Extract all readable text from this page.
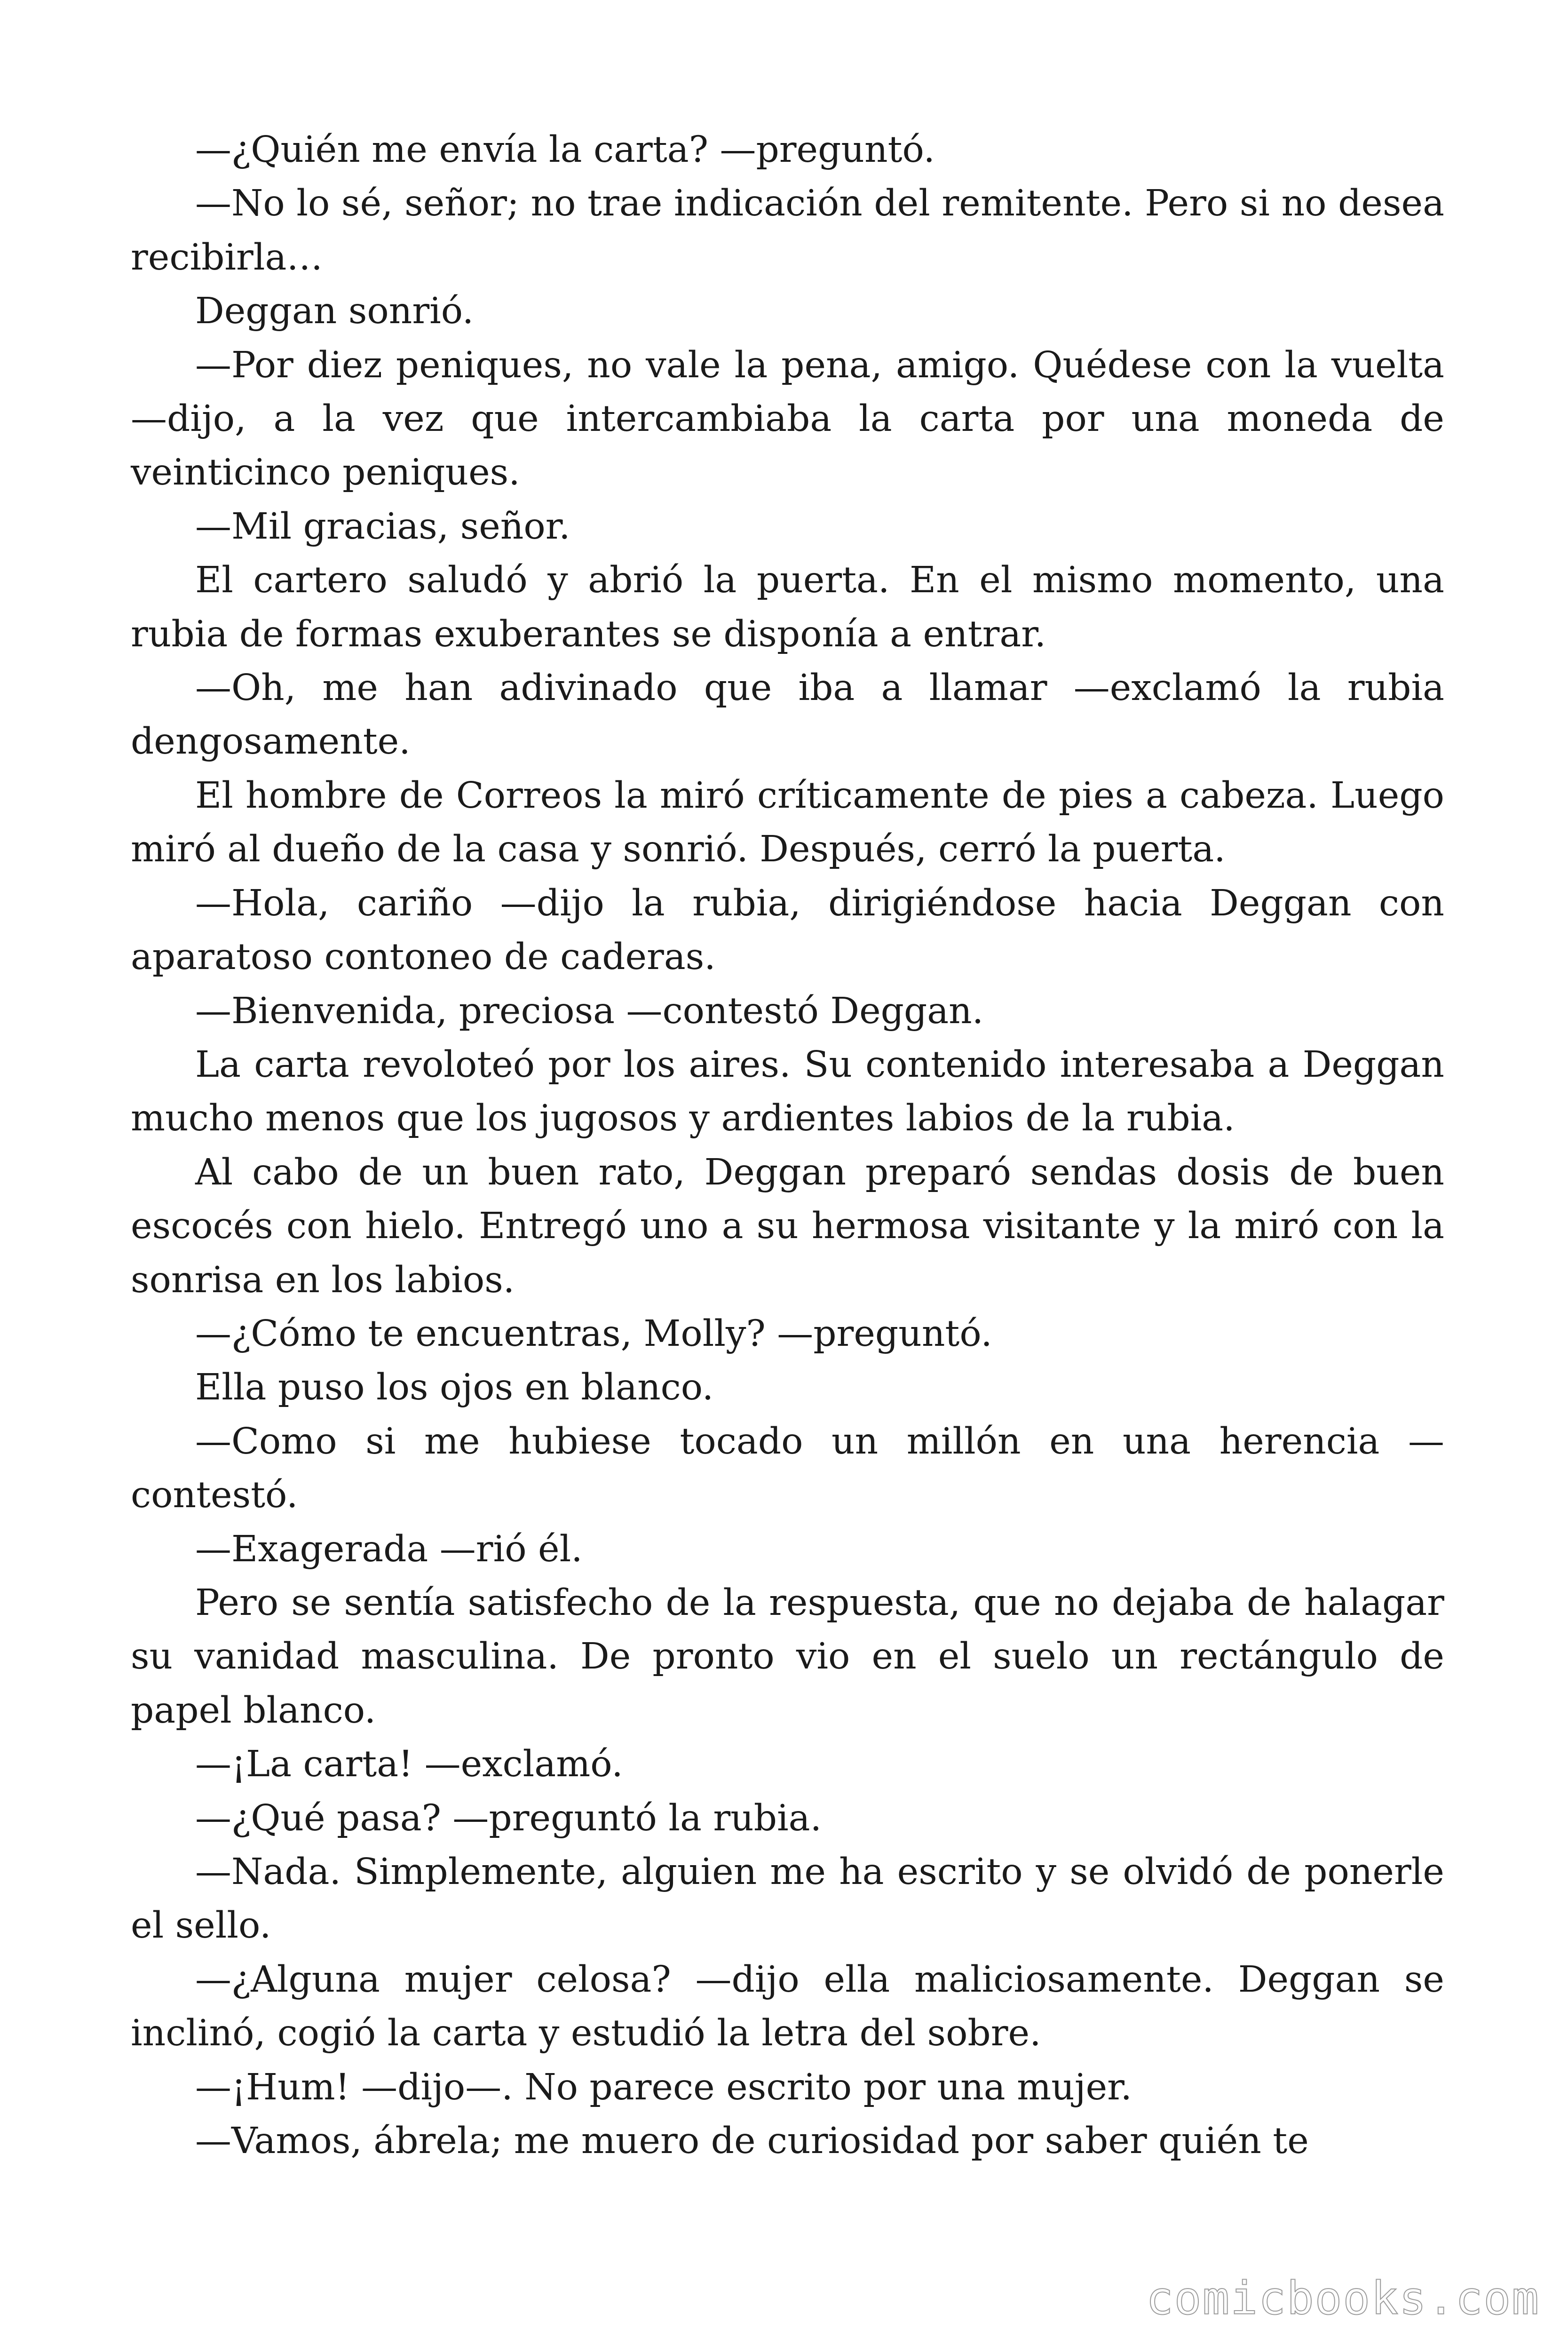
—¿Quién me envía la carta? —preguntó.

—No lo sé, señor; no trae indicación del remitente. Pero si no desea recibirla…

Deggan sonrió.

—Por diez peniques, no vale la pena, amigo. Quédese con la vuelta —dijo, a la vez que intercambiaba la carta por una moneda de veinticinco peniques.

—Mil gracias, señor.

El cartero saludó y abrió la puerta. En el mismo momento, una rubia de formas exuberantes se disponía a entrar.

—Oh, me han adivinado que iba a llamar —exclamó la rubia dengosamente.

El hombre de Correos la miró críticamente de pies a cabeza. Luego miró al dueño de la casa y sonrió. Después, cerró la puerta.

—Hola, cariño —dijo la rubia, dirigiéndose hacia Deggan con aparatoso contoneo de caderas.

—Bienvenida, preciosa —contestó Deggan.

La carta revoloteó por los aires. Su contenido interesaba a Deggan mucho menos que los jugosos y ardientes labios de la rubia.

Al cabo de un buen rato, Deggan preparó sendas dosis de buen escocés con hielo. Entregó uno a su hermosa visitante y la miró con la sonrisa en los labios.

—¿Cómo te encuentras, Molly? —preguntó.

Ella puso los ojos en blanco.

—Como si me hubiese tocado un millón en una herencia — contestó.

—Exagerada —rió él.

Pero se sentía satisfecho de la respuesta, que no dejaba de halagar su vanidad masculina. De pronto vio en el suelo un rectángulo de papel blanco.

—¡La carta! —exclamó.

—¿Qué pasa? —preguntó la rubia.

—Nada. Simplemente, alguien me ha escrito y se olvidó de ponerle el sello.

—¿Alguna mujer celosa? —dijo ella maliciosamente. Deggan se inclinó, cogió la carta y estudió la letra del sobre.

—¡Hum! —dijo—. No parece escrito por una mujer.

—Vamos, ábrela; me muero de curiosidad por saber quién te

comicbooks.com
